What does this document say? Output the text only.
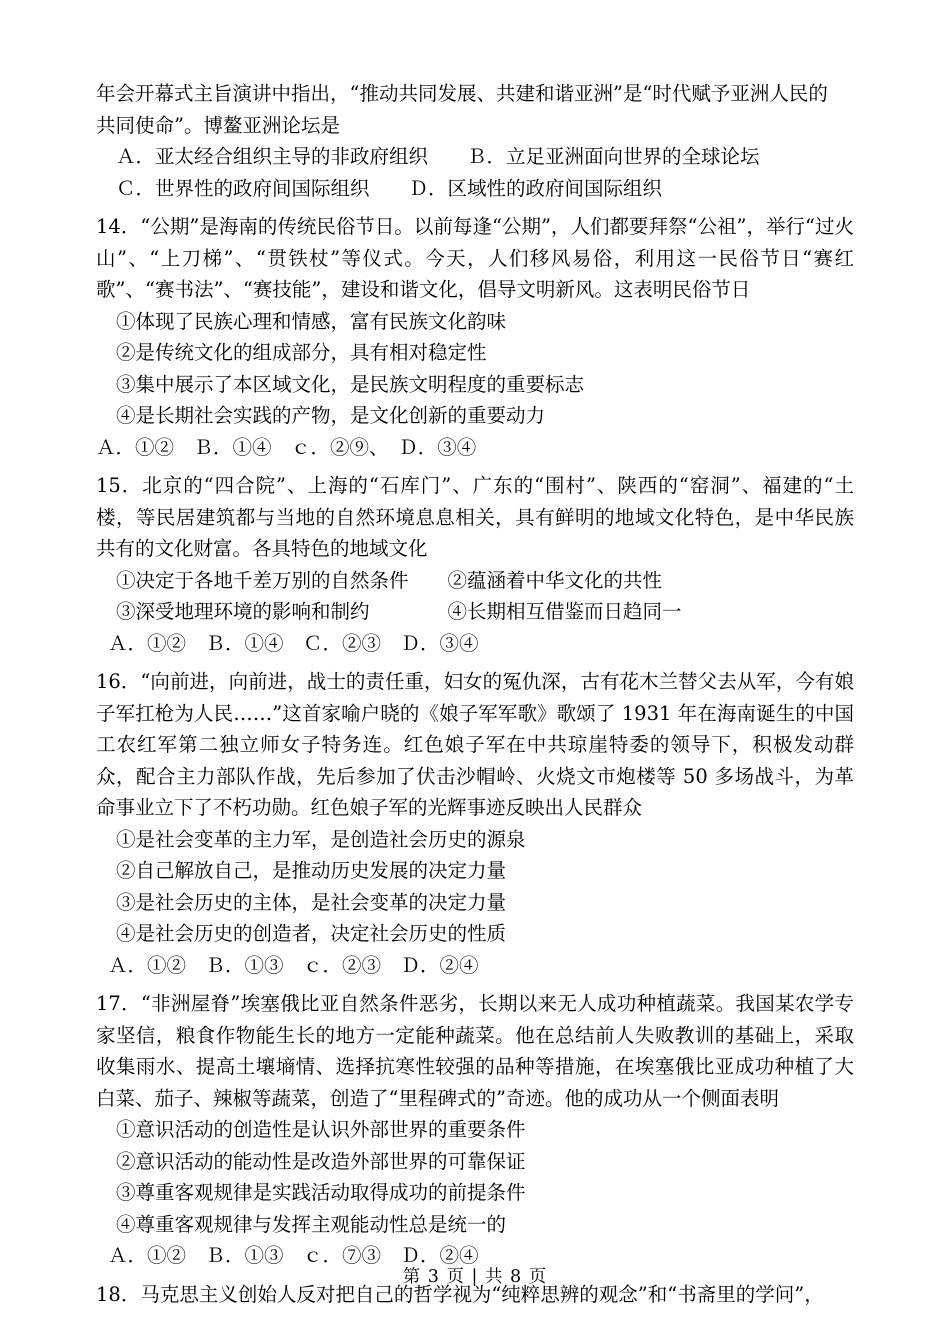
年会开幕式主旨演讲中指出，“推动共同发展、共建和谐亚洲”是“时代赋予亚洲人民的
共同使命”。博鳌亚洲论坛是
Ａ．亚太经合组织主导的非政府组织　　Ｂ．立足亚洲面向世界的全球论坛
Ｃ．世界性的政府间国际组织　　Ｄ．区域性的政府间国际组织
14．“公期”是海南的传统民俗节日。以前每逢“公期”，人们都要拜祭“公祖”，举行“过火山”、“上刀梯”、“贯铁杖”等仪式。今天，人们移风易俗，利用这一民俗节日“赛红歌”、“赛书法”、“赛技能”，建设和谐文化，倡导文明新风。这表明民俗节日
①体现了民族心理和情感，富有民族文化韵味
②是传统文化的组成部分，具有相对稳定性
③集中展示了本区域文化，是民族文明程度的重要标志
④是长期社会实践的产物，是文化创新的重要动力
Ａ．①②　Ｂ．①④　ｃ．②⑨、　Ｄ．③④
15．北京的“四合院”、上海的“石库门”、广东的“围村”、陕西的“窑洞”、福建的“土楼，等民居建筑都与当地的自然环境息息相关，具有鲜明的地域文化特色，是中华民族共有的文化财富。各具特色的地域文化
①决定于各地千差万别的自然条件　　②蕴涵着中华文化的共性
③深受地理环境的影响和制约　　　　④长期相互借鉴而日趋同一
Ａ．①②　Ｂ．①④　Ｃ．②③　Ｄ．③④
16．“向前进，向前进，战士的责任重，妇女的冤仇深，古有花木兰替父去从军，今有娘子军扛枪为人民……”这首家喻户晓的《娘子军军歌》歌颂了 1931 年在海南诞生的中国工农红军第二独立师女子特务连。红色娘子军在中共琼崖特委的领导下，积极发动群众，配合主力部队作战，先后参加了伏击沙帽岭、火烧文市炮楼等 50 多场战斗，为革命事业立下了不朽功勋。红色娘子军的光辉事迹反映出人民群众
①是社会变革的主力军，是创造社会历史的源泉
②自己解放自己，是推动历史发展的决定力量
③是社会历史的主体，是社会变革的决定力量
④是社会历史的创造者，决定社会历史的性质
Ａ．①②　Ｂ．①③　ｃ．②③　Ｄ．②④
17．“非洲屋脊”埃塞俄比亚自然条件恶劣，长期以来无人成功种植蔬菜。我国某农学专家坚信，粮食作物能生长的地方一定能种蔬菜。他在总结前人失败教训的基础上，采取收集雨水、提高土壤墒情、选择抗寒性较强的品种等措施，在埃塞俄比亚成功种植了大白菜、茄子、辣椒等蔬菜，创造了“里程碑式的”奇迹。他的成功从一个侧面表明
①意识活动的创造性是认识外部世界的重要条件
②意识活动的能动性是改造外部世界的可靠保证
③尊重客观规律是实践活动取得成功的前提条件
④尊重客观规律与发挥主观能动性总是统一的
Ａ．①②　Ｂ．①③　ｃ．⑦③　Ｄ．②④
18．马克思主义创始人反对把自己的哲学视为“纯粹思辨的观念”和“书斋里的学问”，
第 3 页 | 共 8 页
